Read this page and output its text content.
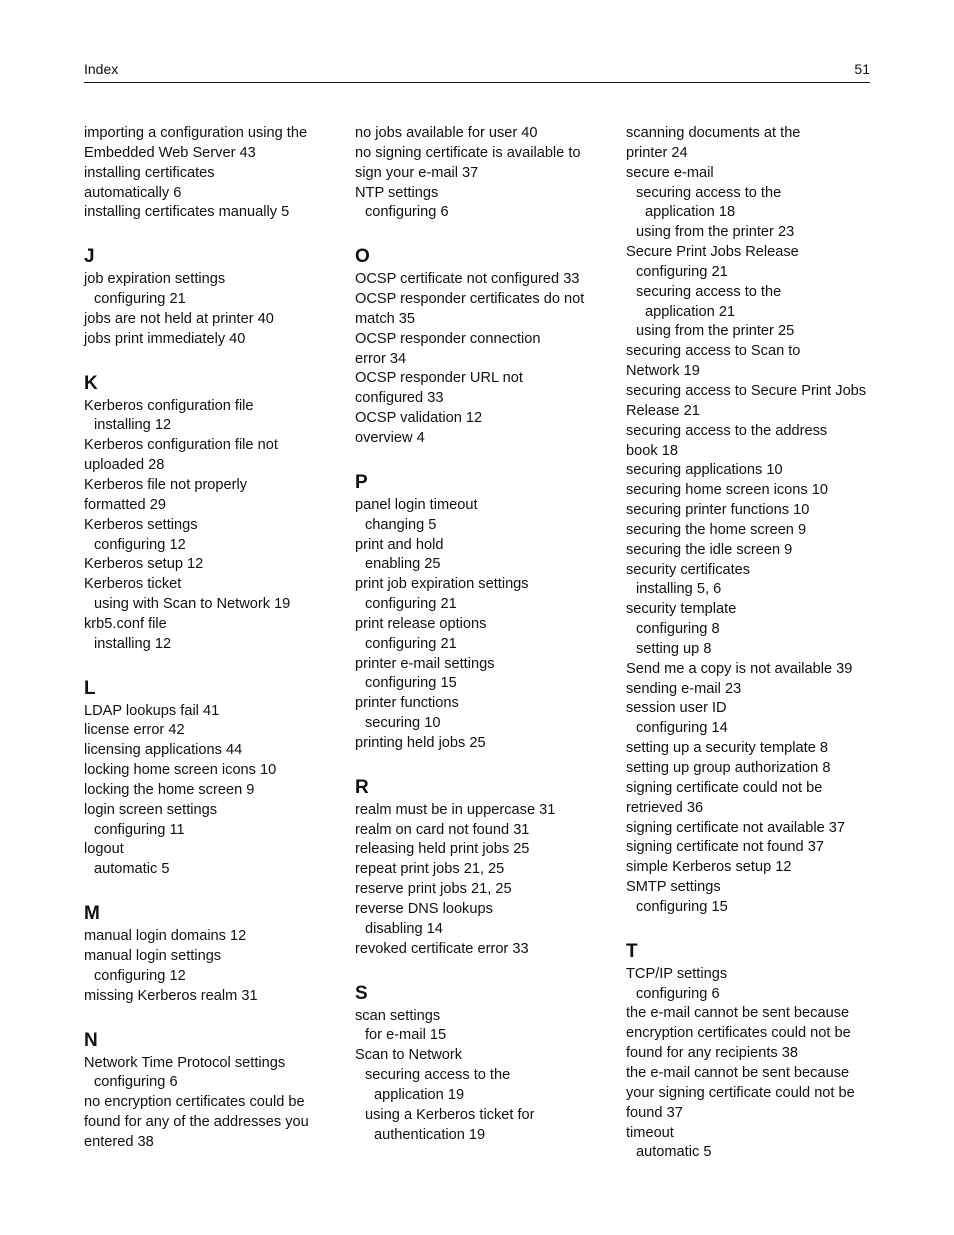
Index	51
importing a configuration using the
Embedded Web Server 43
installing certificates
automatically 6
installing certificates manually 5
J
job expiration settings
configuring 21
jobs are not held at printer 40
jobs print immediately 40
K
Kerberos configuration file
installing 12
Kerberos configuration file not
uploaded 28
Kerberos file not properly
formatted 29
Kerberos settings
configuring 12
Kerberos setup 12
Kerberos ticket
using with Scan to Network 19
krb5.conf file
installing 12
L
LDAP lookups fail 41
license error 42
licensing applications 44
locking home screen icons 10
locking the home screen 9
login screen settings
configuring 11
logout
automatic 5
M
manual login domains 12
manual login settings
configuring 12
missing Kerberos realm 31
N
Network Time Protocol settings
configuring 6
no encryption certificates could be
found for any of the addresses you
entered 38
no jobs available for user 40
no signing certificate is available to
sign your e-mail 37
NTP settings
configuring 6
O
OCSP certificate not configured 33
OCSP responder certificates do not
match 35
OCSP responder connection
error 34
OCSP responder URL not
configured 33
OCSP validation 12
overview 4
P
panel login timeout
changing 5
print and hold
enabling 25
print job expiration settings
configuring 21
print release options
configuring 21
printer e-mail settings
configuring 15
printer functions
securing 10
printing held jobs 25
R
realm must be in uppercase 31
realm on card not found 31
releasing held print jobs 25
repeat print jobs 21, 25
reserve print jobs 21, 25
reverse DNS lookups
disabling 14
revoked certificate error 33
S
scan settings
for e-mail 15
Scan to Network
securing access to the
application 19
using a Kerberos ticket for
authentication 19
scanning documents at the
printer 24
secure e-mail
securing access to the
application 18
using from the printer 23
Secure Print Jobs Release
configuring 21
securing access to the
application 21
using from the printer 25
securing access to Scan to
Network 19
securing access to Secure Print Jobs
Release 21
securing access to the address
book 18
securing applications 10
securing home screen icons 10
securing printer functions 10
securing the home screen 9
securing the idle screen 9
security certificates
installing 5, 6
security template
configuring 8
setting up 8
Send me a copy is not available 39
sending e-mail 23
session user ID
configuring 14
setting up a security template 8
setting up group authorization 8
signing certificate could not be
retrieved 36
signing certificate not available 37
signing certificate not found 37
simple Kerberos setup 12
SMTP settings
configuring 15
T
TCP/IP settings
configuring 6
the e-mail cannot be sent because
encryption certificates could not be
found for any recipients 38
the e-mail cannot be sent because
your signing certificate could not be
found 37
timeout
automatic 5
